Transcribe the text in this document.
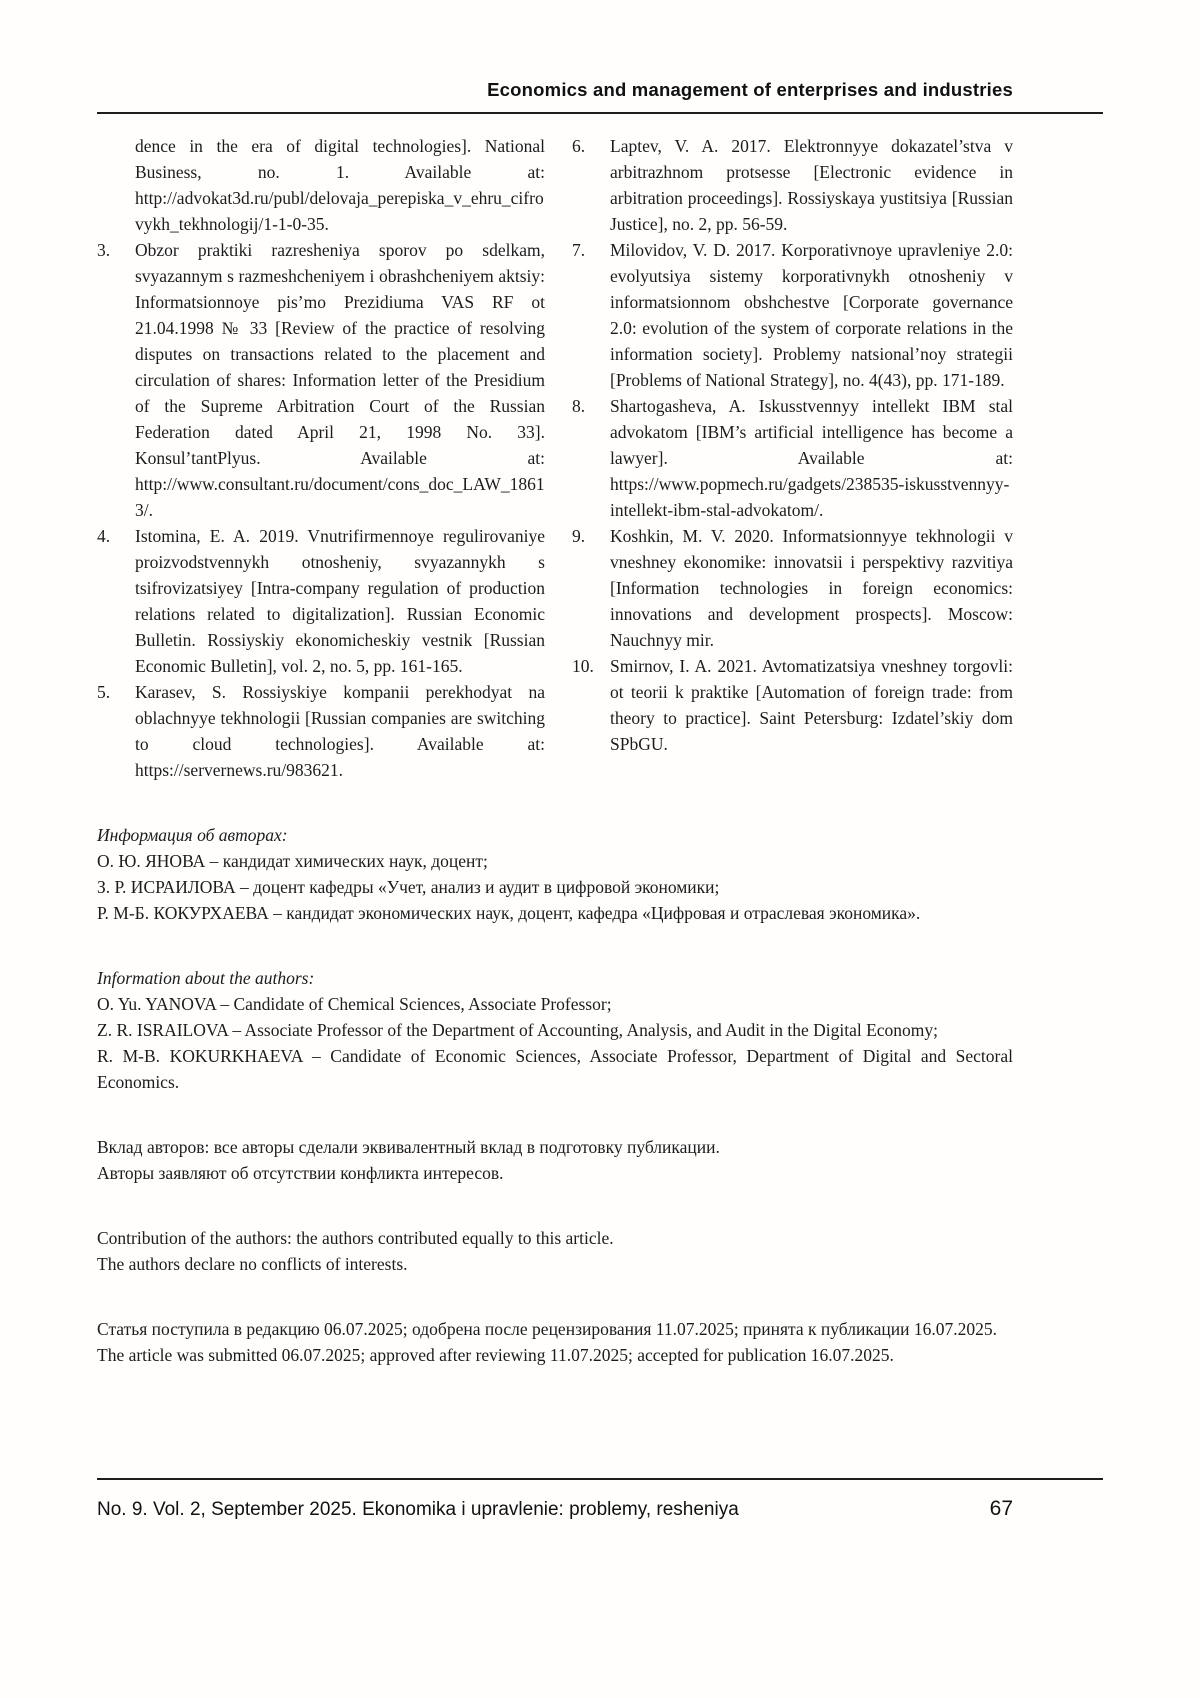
Economics and management of enterprises and industries

dence in the era of digital technologies]. National Business, no. 1. Available at: http://advokat3d.ru/publ/delovaja_perepiska_v_ehru_cifrovykh_tekhnologij/1-1-0-35.

3.	Obzor praktiki razresheniya sporov po sdelkam, svyazannym s razmeshcheniyem i obrashcheniyem aktsiy: Informatsionnoye pis’mo Prezidiuma VAS RF ot 21.04.1998 № 33 [Review of the practice of resolving disputes on transactions related to the placement and circulation of shares: Information letter of the Presidium of the Supreme Arbitration Court of the Russian Federation dated April 21, 1998 No. 33]. Konsul’tantPlyus. Available at: http://www.consultant.ru/document/cons_doc_LAW_18613/.
4.	Istomina, E. A. 2019. Vnutrifirmennoye regulirovaniye proizvodstvennykh otnosheniy, svyazannykh s tsifrovizatsiyey [Intra-company regulation of production relations related to digitalization]. Russian Economic Bulletin. Rossiyskiy ekonomicheskiy vestnik [Russian Economic Bulletin], vol. 2, no. 5, pp. 161-165.
5.	Karasev, S. Rossiyskiye kompanii perekhodyat na oblachnyye tekhnologii [Russian companies are switching to cloud technologies]. Available at: https://servernews.ru/983621.
6.	Laptev, V. A. 2017. Elektronnyye dokazatel’stva v arbitrazhnom protsesse [Electronic evidence in arbitration proceedings]. Rossiyskaya yustitsiya [Russian Justice], no. 2, pp. 56-59.
7.	Milovidov, V. D. 2017. Korporativnoye upravleniye 2.0: evolyutsiya sistemy korporativnykh otnosheniy v informatsionnom obshchestve [Corporate governance 2.0: evolution of the system of corporate relations in the information society]. Problemy natsional’noy strategii [Problems of National Strategy], no. 4(43), pp. 171-189.
8.	Shartogasheva, A. Iskusstvennyy intellekt IBM stal advokatom [IBM’s artificial intelligence has become a lawyer]. Available at: https://www.popmech.ru/gadgets/238535-iskusstvennyy-intellekt-ibm-stal-advokatom/.
9.	Koshkin, M. V. 2020. Informatsionnyye tekhnologii v vneshney ekonomike: innovatsii i perspektivy razvitiya [Information technologies in foreign economics: innovations and development prospects]. Moscow: Nauchnyy mir.
10. Smirnov, I. A. 2021. Avtomatizatsiya vneshney torgovli: ot teorii k praktike [Automation of foreign trade: from theory to practice]. Saint Petersburg: Izdatel’skiy dom SPbGU.

Информация об авторах:

О. Ю. ЯНОВА – кандидат химических наук, доцент;

З. Р. ИСРАИЛОВА – доцент кафедры «Учет, анализ и аудит в цифровой экономики;

Р. М-Б. КОКУРХАЕВА – кандидат экономических наук, доцент, кафедра «Цифровая и отраслевая экономика».

Information about the authors:

O. Yu. YANOVA – Candidate of Chemical Sciences, Associate Professor;

Z. R. ISRAILOVA – Associate Professor of the Department of Accounting, Analysis, and Audit in the Digital Economy;

R. M-B. KOKURKHAEVA – Candidate of Economic Sciences, Associate Professor, Department of Digital and Sectoral Economics.

Вклад авторов: все авторы сделали эквивалентный вклад в подготовку публикации.

Авторы заявляют об отсутствии конфликта интересов.

Contribution of the authors: the authors contributed equally to this article.

The authors declare no conflicts of interests.

Статья поступила в редакцию 06.07.2025; одобрена после рецензирования 11.07.2025; принята к публикации 16.07.2025.

The article was submitted 06.07.2025; approved after reviewing 11.07.2025; accepted for publication 16.07.2025.

No. 9. Vol. 2, September 2025. Ekonomika i upravlenie: problemy, resheniya	67
